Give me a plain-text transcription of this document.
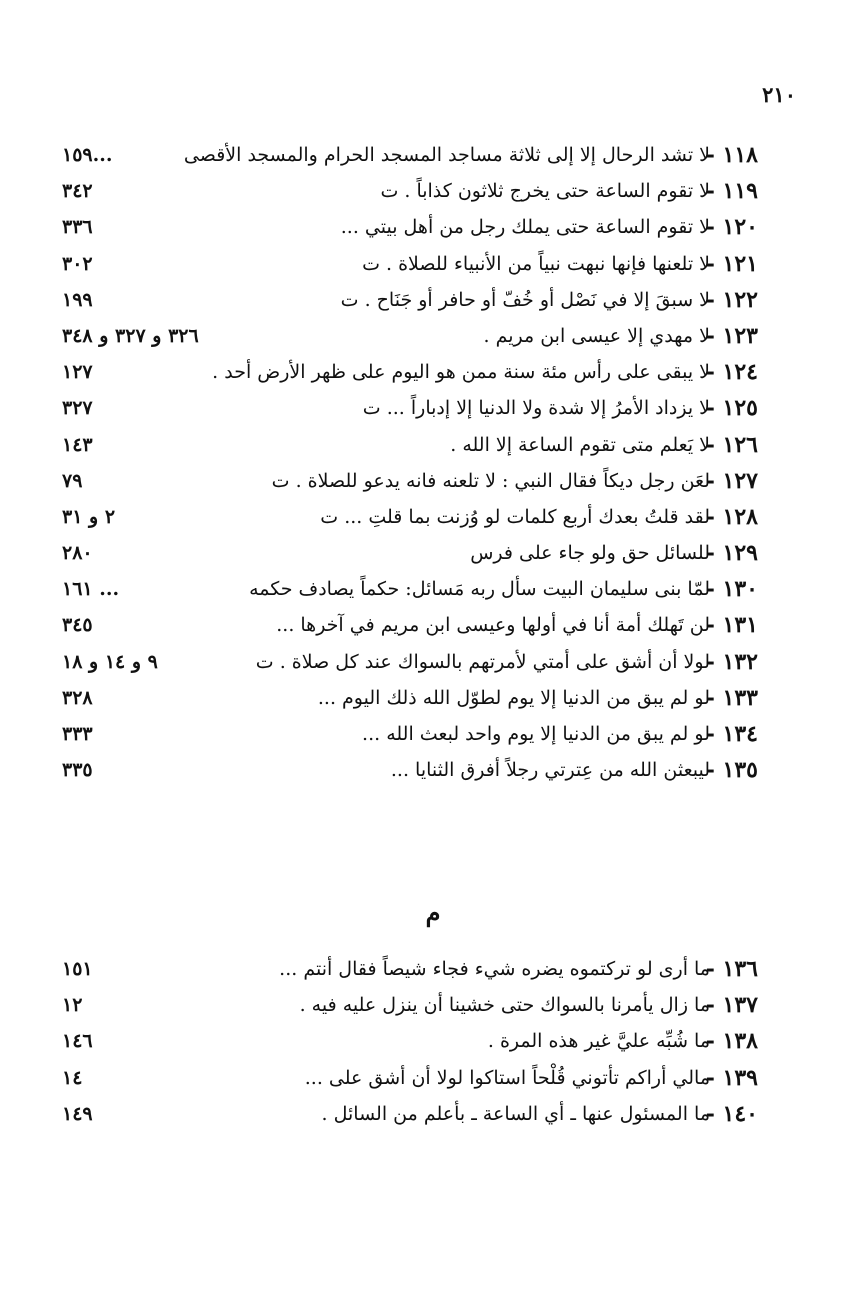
٢١٠
١١٨ -
لا تشد الرحال إلا إلى ثلاثة مساجد المسجد الحرام والمسجد الأقصى
...١٥٩
١١٩ -
لا تقوم الساعة حتى يخرج ثلاثون كذاباً . ت
٣٤٢
١٢٠ -
لا تقوم الساعة حتى يملك رجل من أهل بيتي ...
٣٣٦
١٢١ -
لا تلعنها فإنها نبهت نبياً من الأنبياء للصلاة . ت
٣٠٢
١٢٢ -
لا سبقَ إلا في نَصْل أو خُفّ أو حافر أو جَنَاح . ت
١٩٩
١٢٣ -
لا مهدي إلا عيسى ابن مريم .
٣٢٦ و ٣٢٧ و ٣٤٨
١٢٤ -
لا يبقى على رأس مئة سنة ممن هو اليوم على ظهر الأرض أحد .
١٢٧
١٢٥ -
لا يزداد الأمرُ إلا شدة ولا الدنيا إلا إدباراً ... ت
٣٢٧
١٢٦ -
لا يَعلم متى تقوم الساعة إلا الله .
١٤٣
١٢٧ -
لعَن رجل ديكاً فقال النبي : لا تلعنه فانه يدعو للصلاة . ت
٧٩
١٢٨ -
لقد قلتُ بعدك أربع كلمات لو وُزنت بما قلتِ ... ت
٢ و ٣١
١٢٩ -
للسائل حق ولو جاء على فرس
٢٨٠
١٣٠ -
لمّا بنى سليمان البيت سأل ربه مَسائل: حكماً يصادف حكمه
... ١٦١
١٣١ -
لن تَهلك أمة أنا في أولها وعيسى ابن مريم في آخرها ...
٣٤٥
١٣٢ -
لولا أن أشق على أمتي لأمرتهم بالسواك عند كل صلاة . ت
٩ و ١٤ و ١٨
١٣٣ -
لو لم يبق من الدنيا إلا يوم لطوّل الله ذلك اليوم ...
٣٢٨
١٣٤ -
لو لم يبق من الدنيا إلا يوم واحد لبعث الله ...
٣٣٣
١٣٥ -
ليبعثن الله من عِترتي رجلاً أفرق الثنايا ...
٣٣٥
م
١٣٦ -
ما أرى لو تركتموه يضره شيء فجاء شيصاً فقال أنتم ...
١٥١
١٣٧ -
ما زال يأمرنا بالسواك حتى خشينا أن ينزل عليه فيه .
١٢
١٣٨ -
ما شُبِّه عليَّ غير هذه المرة .
١٤٦
١٣٩ -
مالي أراكم تأتوني قُلْحاً استاكوا لولا أن أشق على ...
١٤
١٤٠ -
ما المسئول عنها ـ أي الساعة ـ بأعلم من السائل .
١٤٩
